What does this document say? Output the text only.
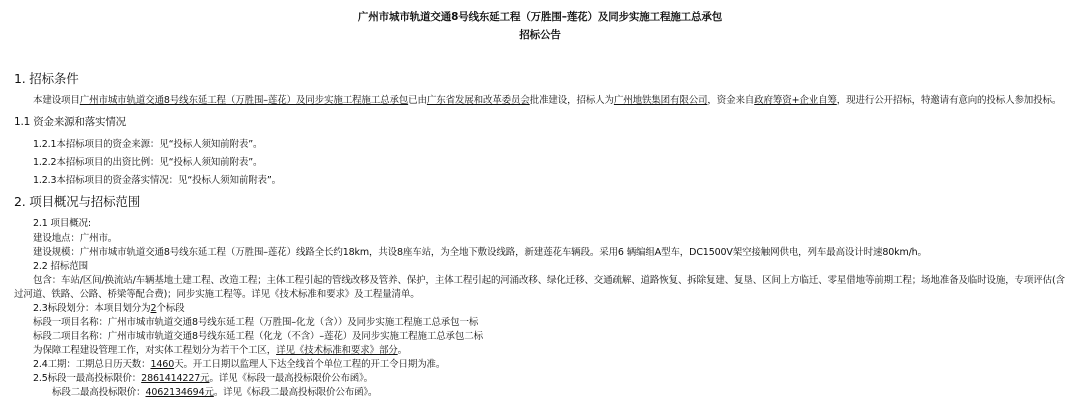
广州市城市轨道交通8号线东延工程（万胜围–莲花）及同步实施工程施工总承包
招标公告
1. 招标条件
本建设项目广州市城市轨道交通8号线东延工程（万胜围–莲花）及同步实施工程施工总承包已由广东省发展和改革委员会批准建设，招标人为广州地铁集团有限公司，资金来自政府筹资+企业自筹，现进行公开招标，特邀请有意向的投标人参加投标。
1.1 资金来源和落实情况
1.2.1本招标项目的资金来源：见“投标人须知前附表”。
1.2.2本招标项目的出资比例：见“投标人须知前附表”。
1.2.3本招标项目的资金落实情况：见“投标人须知前附表”。
2. 项目概况与招标范围
2.1 项目概况:
建设地点：广州市。
建设规模：广州市城市轨道交通8号线东延工程（万胜围–莲花）线路全长约18km，共设8座车站，为全地下敷设线路，新建莲花车辆段。采用6 辆编组A型车，DC1500V架空接触网供电，列车最高设计时速80km/h。
2.2 招标范围
包含：车站/区间/换流站/车辆基地土建工程、改造工程；主体工程引起的管线改移及管养、保护，主体工程引起的河涌改移、绿化迁移、交通疏解、道路恢复、拆除复建、复垦、区间上方临迁、零星借地等前期工程；场地准备及临时设施，专项评估(含
过河道、铁路、公路、桥梁等配合费)；同步实施工程等。详见《技术标准和要求》及工程量清单。
2.3标段划分：本项目划分为2个标段
标段一项目名称：广州市城市轨道交通8号线东延工程（万胜围–化龙（含））及同步实施工程施工总承包一标
标段二项目名称：广州市城市轨道交通8号线东延工程（化龙（不含）–莲花）及同步实施工程施工总承包二标
为保障工程建设管理工作，对实体工程划分为若干个工区，详见《技术标准和要求》部分。
2.4工期：工期总日历天数：1460天。开工日期以监理人下达全线首个单位工程的开工令日期为准。
2.5标段一最高投标限价：2861414227元。详见《标段一最高投标限价公布函》。
标段二最高投标限价：4062134694元。详见《标段二最高投标限价公布函》。
